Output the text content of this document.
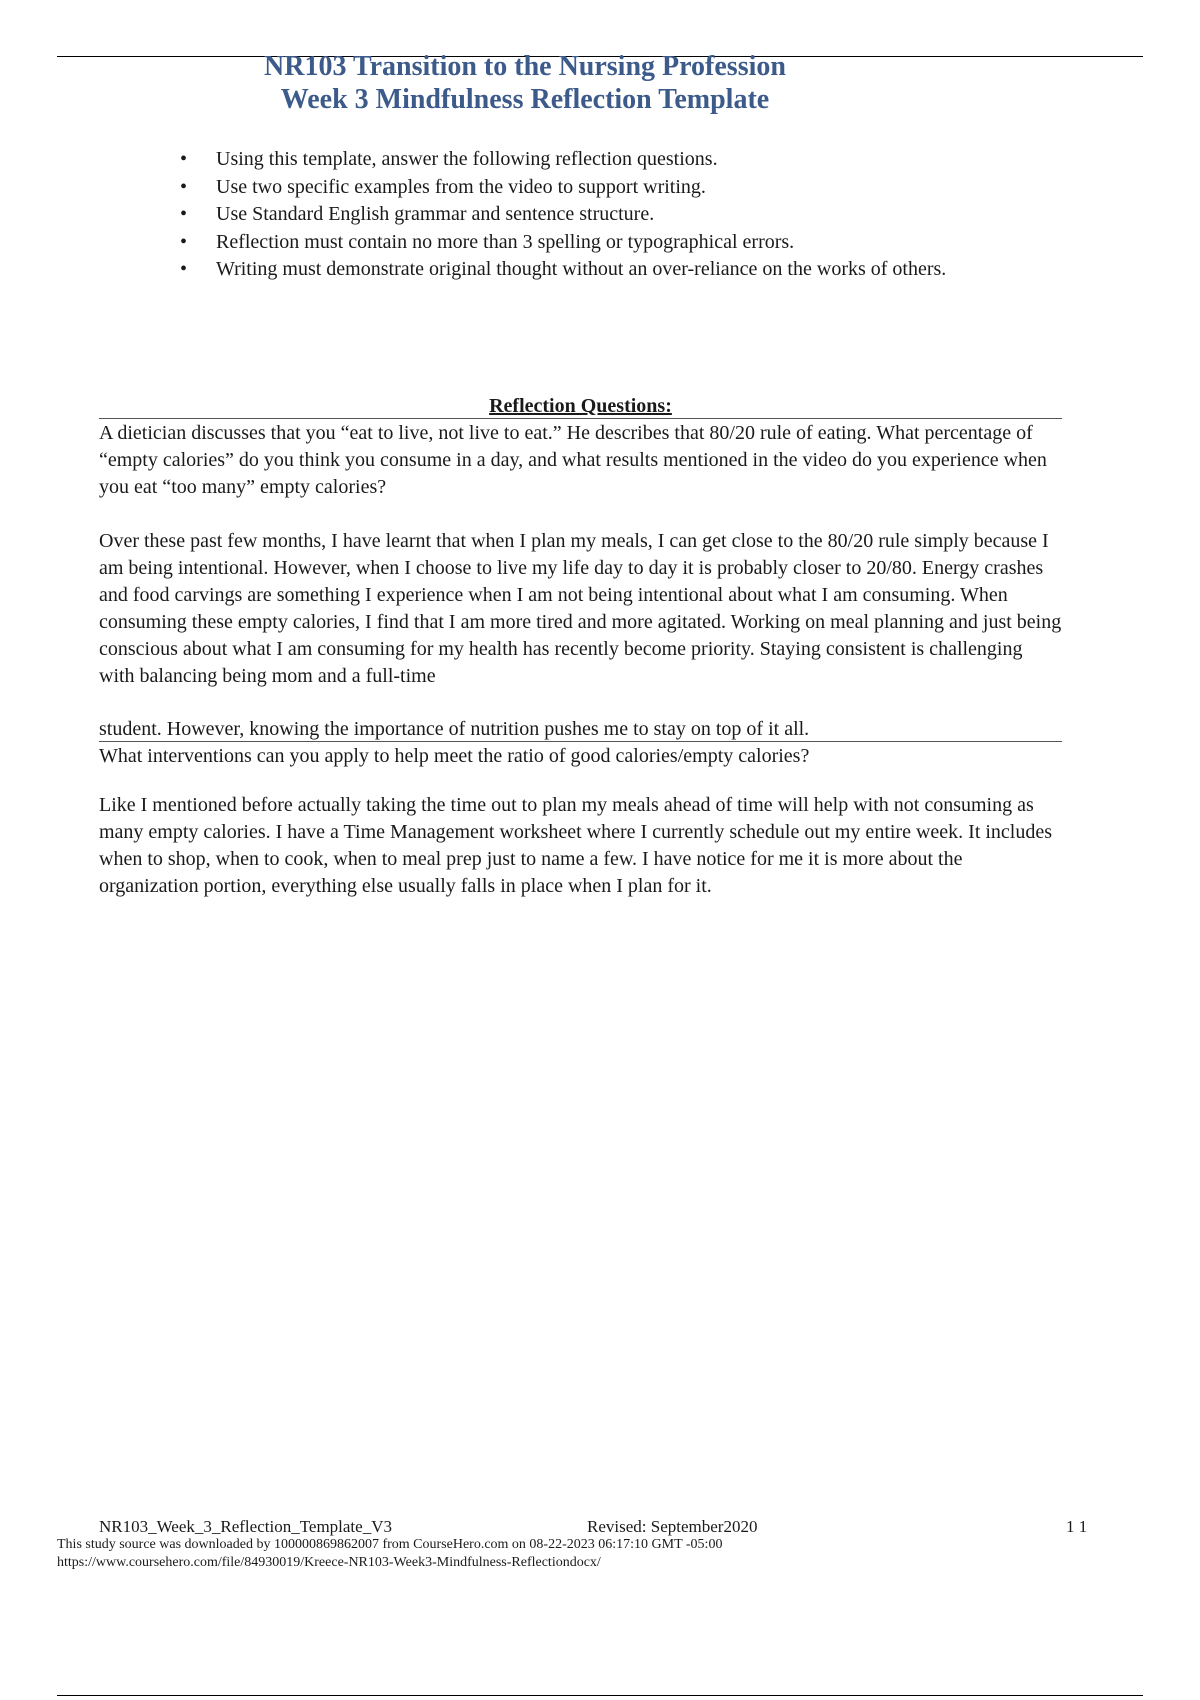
NR103 Transition to the Nursing Profession
Week 3 Mindfulness Reflection Template
• Using this template, answer the following reflection questions.
• Use two specific examples from the video to support writing.
• Use Standard English grammar and sentence structure.
• Reflection must contain no more than 3 spelling or typographical errors.
• Writing must demonstrate original thought without an over-reliance on the works of others.
Reflection Questions:

A dietician discusses that you “eat to live, not live to eat.” He describes that 80/20 rule of eating. What percentage of “empty calories” do you think you consume in a day, and what results mentioned in the video do you experience when you eat “too many” empty calories?

Over these past few months, I have learnt that when I plan my meals, I can get close to the 80/20 rule simply because I am being intentional. However, when I choose to live my life day to day it is probably closer to 20/80. Energy crashes and food carvings are something I experience when I am not being intentional about what I am consuming. When consuming these empty calories, I find that I am more tired and more agitated. Working on meal planning and just being conscious about what I am consuming for my health has recently become priority. Staying consistent is challenging with balancing being mom and a full-time

student. However, knowing the importance of nutrition pushes me to stay on top of it all.

What interventions can you apply to help meet the ratio of good calories/empty calories?

Like I mentioned before actually taking the time out to plan my meals ahead of time will help with not consuming as many empty calories. I have a Time Management worksheet where I currently schedule out my entire week. It includes when to shop, when to cook, when to meal prep just to name a few. I have notice for me it is more about the organization portion, everything else usually falls in place when I plan for it.

NR103_Week_3_Reflection_Template_V3	Revised: September2020	1 1

This study source was downloaded by 100000869862007 from CourseHero.com on 08-22-2023 06:17:10 GMT -05:00

https://www.coursehero.com/file/84930019/Kreece-NR103-Week3-Mindfulness-Reflectiondocx/
